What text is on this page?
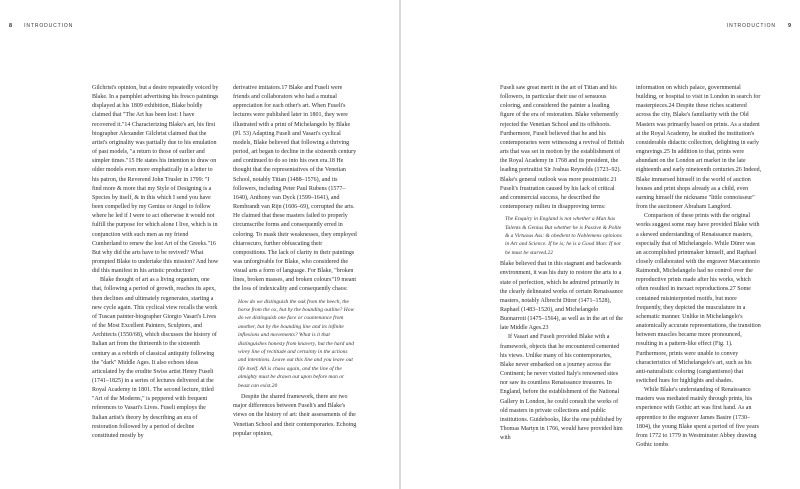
8 INTRODUCTION

Gilchrist's opinion, but a desire repeatedly voiced by Blake. In a pamphlet advertising his fresco paintings displayed at his 1809 exhibition, Blake boldly claimed that "The Art has been lost: I have recovered it."14 Characterizing Blake's art, his first biographer Alexander Gilchrist claimed that the artist's originality was partially due to his emulation of past models, "a return to those of earlier and simpler times."15 He states his intention to draw on older models even more emphatically in a letter to his patron, the Reverend John Trusler in 1799: "I find more & more that my Style of Designing is a Species by itself, & in this which I send you have been compelled by my Genius or Angel to follow where he led if I were to act otherwise it would not fulfill the purpose for which alone I live, which is in conjunction with such men as my friend Cumberland to renew the lost Art of the Greeks."16 But why did the arts have to be revived? What prompted Blake to undertake this mission? And how did this manifest in his artistic production?

Blake thought of art as a living organism, one that, following a period of growth, reaches its apex, then declines and ultimately regenerates, starting a new cycle again. This cyclical view recalls the work of Tuscan painter-biographer Giorgio Vasari's Lives of the Most Excellent Painters, Sculptors, and Architects (1550/68), which discusses the history of Italian art from the thirteenth to the sixteenth century as a rebirth of classical antiquity following the "dark" Middle Ages. It also echoes ideas articulated by the erudite Swiss artist Henry Fuseli (1741–1825) in a series of lectures delivered at the Royal Academy in 1801. The second lecture, titled "Art of the Moderns," is peppered with frequent references to Vasari's Lives. Fuseli employs the Italian artist's theory by describing an era of restoration followed by a period of decline constituted mostly by

derivative imitators.17 Blake and Fuseli were friends and collaborators who had a mutual appreciation for each other's art. When Fuseli's lectures were published later in 1801, they were illustrated with a print of Michelangelo by Blake (Pl. 53) Adapting Fuseli and Vasari's cyclical models, Blake believed that following a thriving period, art began to decline in the sixteenth century and continued to do so into his own era.18 He thought that the representatives of the Venetian School, notably Titian (1488–1576), and its followers, including Peter Paul Rubens (1577–1640), Anthony van Dyck (1599–1641), and Rembrandt van Rijn (1606–69), corrupted the arts. He claimed that these masters failed to properly circumscribe forms and consequently erred in coloring. To mask their weaknesses, they employed chiaroscuro, further obfuscating their compositions. The lack of clarity in their paintings was unforgivable for Blake, who considered the visual arts a form of language. For Blake, "broken lines, broken masses, and broken colours"19 meant the loss of indexicality and consequently chaos:

How do we distinguish the oak from the beech, the horse from the ox, but by the bounding outline? How do we distinguish one face or countenance from another, but by the bounding line and its infinite inflexions and movements? What is it that distinguishes honesty from knavery, but the hard and wirey line of rectitude and certainty in the actions and intentions. Leave out this line and you leave out life itself. All is chaos again, and the line of the almighty must be drawn out upon before man or beast can exist.20

Despite the shared framework, there are two major differences between Fuseli's and Blake's views on the history of art: their assessments of the Venetian School and their contemporaries. Echoing popular opinion,

INTRODUCTION 9

Fuseli saw great merit in the art of Titian and his followers, in particular their use of sensuous coloring, and considered the painter a leading figure of the era of restoration. Blake vehemently rejected the Venetian School and its offshoots. Furthermore, Fuseli believed that he and his contemporaries were witnessing a revival of British arts that was set in motion by the establishment of the Royal Academy in 1768 and its president, the leading portraitist Sir Joshua Reynolds (1723–92). Blake's general outlook was more pessimistic.21 Fuseli's frustration caused by his lack of critical and commercial success, he described the contemporary milieu in disapproving terms:

The Enquiry in England is not whether a Man has Talents & Genius But whether he is Passive & Polite & a Virtuous Ass: & obedient to Noblemens opinions in Art and Science. If he is; he is a Good Man: If not he must be starved.22

Blake believed that in this stagnant and backwards environment, it was his duty to restore the arts to a state of perfection, which he admired primarily in the clearly delineated works of certain Renaissance masters, notably Albrecht Dürer (1471–1528), Raphael (1483–1520), and Michelangelo Buonarroti (1475–1564), as well as in the art of the late Middle Ages.23

If Vasari and Fuseli provided Blake with a framework, objects that he encountered cemented his views. Unlike many of his contemporaries, Blake never embarked on a journey across the Continent; he never visited Italy's renowned sites nor saw its countless Renaissance treasures. In England, before the establishment of the National Gallery in London, he could consult the works of old masters in private collections and public institutions. Guidebooks, like the one published by Thomas Martyn in 1766, would have provided him with

information on which palace, governmental building, or hospital to visit in London in search for masterpieces.24 Despite these riches scattered across the city, Blake's familiarity with the Old Masters was primarily based on prints. As a student at the Royal Academy, he studied the institution's considerable didactic collection, delighting in early engravings.25 In addition to that, prints were abundant on the London art market in the late eighteenth and early nineteenth centuries.26 Indeed, Blake immersed himself in the world of auction houses and print shops already as a child, even earning himself the nickname "little connoisseur" from the auctioneer Abraham Langford.

Comparison of these prints with the original works suggest some may have provided Blake with a skewed understanding of Renaissance masters, especially that of Michelangelo. While Dürer was an accomplished printmaker himself, and Raphael closely collaborated with the engraver Marcantonio Raimondi, Michelangelo had no control over the reproductive prints made after his works, which often resulted in inexact reproductions.27 Some contained misinterpreted motifs, but more frequently, they depicted the musculature in a schematic manner. Unlike in Michelangelo's anatomically accurate representations, the transition between muscles became more pronounced, resulting in a pattern-like effect (Fig. 1). Furthermore, prints were unable to convey characteristics of Michelangelo's art, such as his anti-naturalistic coloring (cangiantismo) that switched hues for highlights and shades.

While Blake's understanding of Renaissance masters was mediated mainly through prints, his experience with Gothic art was first hand. As an apprentice to the engraver James Basire (1730–1804), the young Blake spent a period of five years from 1772 to 1779 in Westminster Abbey drawing Gothic tombs
